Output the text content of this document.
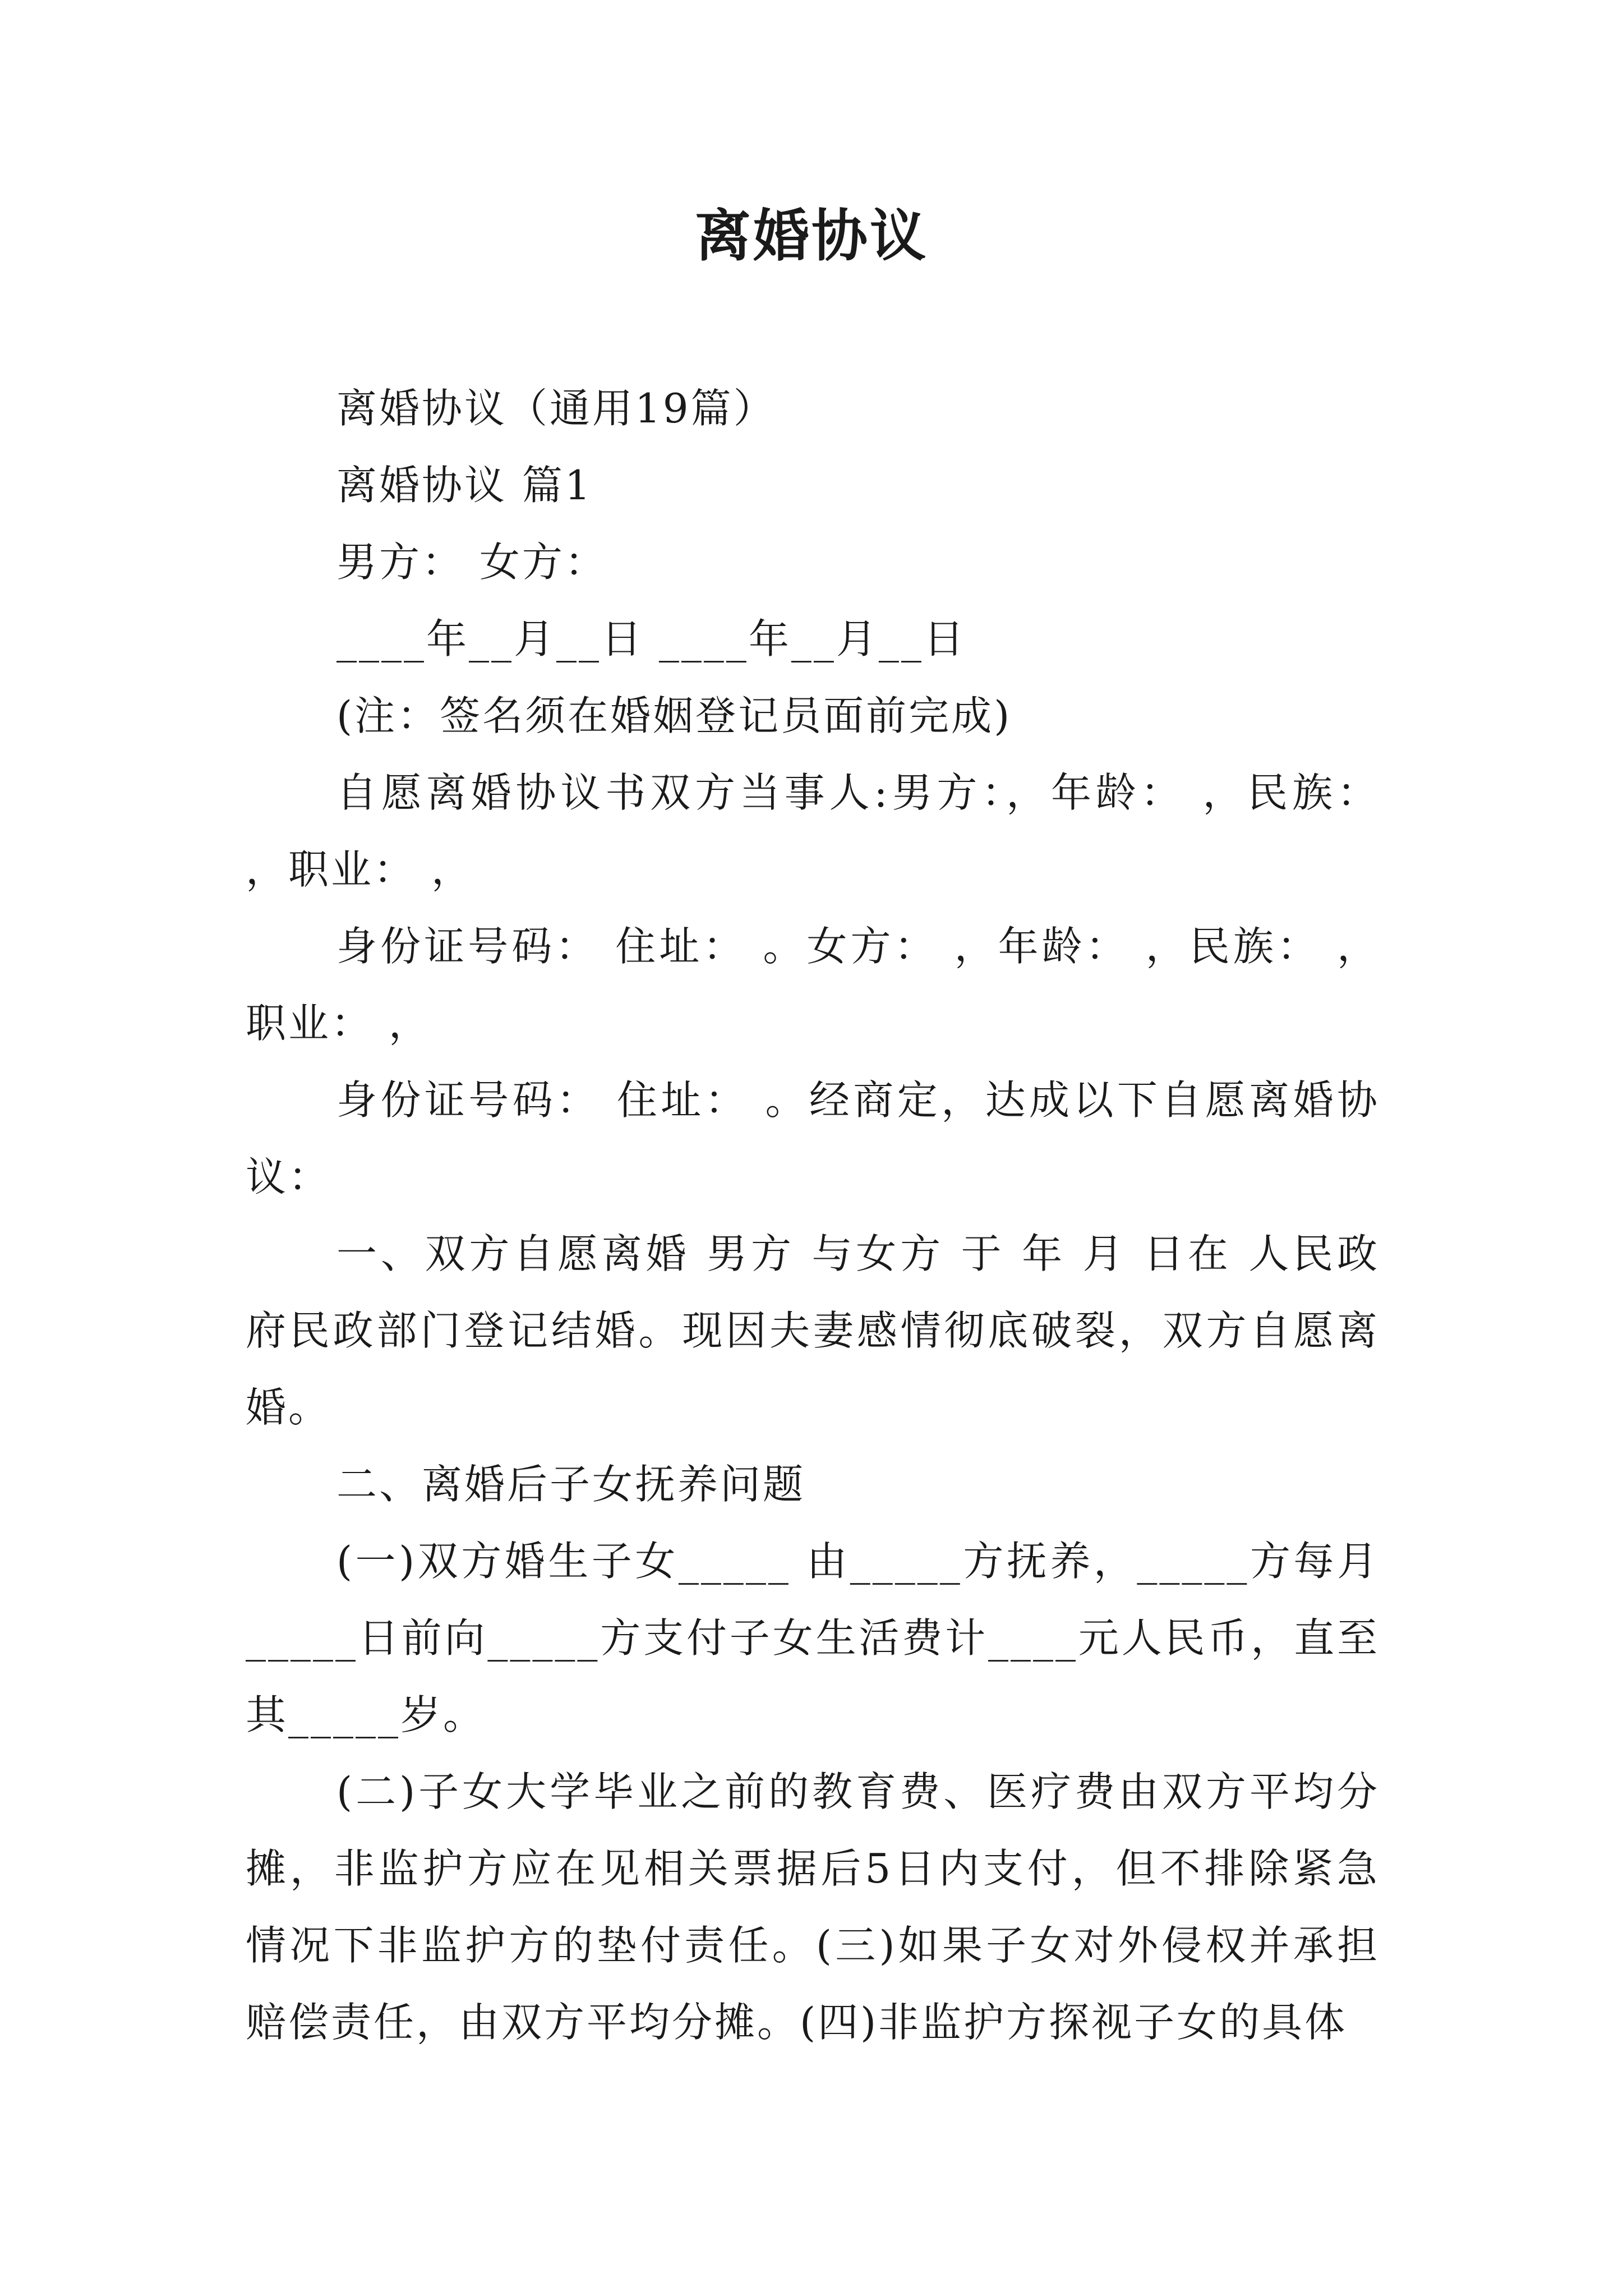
离婚协议

离婚协议（通用19篇）

离婚协议 篇1

男方： 女方：

____年__月__日 ____年__月__日

(注：签名须在婚姻登记员面前完成)

自愿离婚协议书双方当事人:男方：，年龄： ，民族： ，职业： ，

身份证号码： 住址： 。女方： ，年龄： ，民族： ，职业： ，

身份证号码： 住址： 。经商定，达成以下自愿离婚协议：

一、双方自愿离婚 男方 与女方 于 年 月 日在 人民政府民政部门登记结婚。现因夫妻感情彻底破裂，双方自愿离婚。

二、离婚后子女抚养问题

(一)双方婚生子女_____ 由_____方抚养，_____方每月_____日前向_____方支付子女生活费计____元人民币，直至其_____岁。

(二)子女大学毕业之前的教育费、医疗费由双方平均分摊，非监护方应在见相关票据后5日内支付，但不排除紧急情况下非监护方的垫付责任。(三)如果子女对外侵权并承担赔偿责任，由双方平均分摊。(四)非监护方探视子女的具体
